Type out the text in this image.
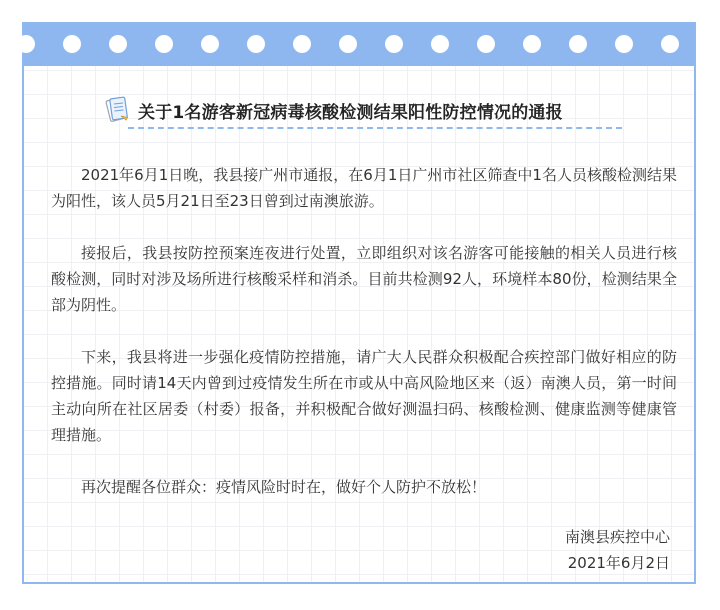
关于1名游客新冠病毒核酸检测结果阳性防控情况的通报

2021年6月1日晚，我县接广州市通报，在6月1日广州市社区筛查中1名人员核酸检测结果为阳性，该人员5月21日至23日曾到过南澳旅游。

接报后，我县按防控预案连夜进行处置，立即组织对该名游客可能接触的相关人员进行核酸检测，同时对涉及场所进行核酸采样和消杀。目前共检测92人，环境样本80份，检测结果全部为阴性。

下来，我县将进一步强化疫情防控措施，请广大人民群众积极配合疾控部门做好相应的防控措施。同时请14天内曾到过疫情发生所在市或从中高风险地区来（返）南澳人员，第一时间主动向所在社区居委（村委）报备，并积极配合做好测温扫码、核酸检测、健康监测等健康管理措施。

再次提醒各位群众：疫情风险时时在，做好个人防护不放松！

南澳县疾控中心
2021年6月2日
